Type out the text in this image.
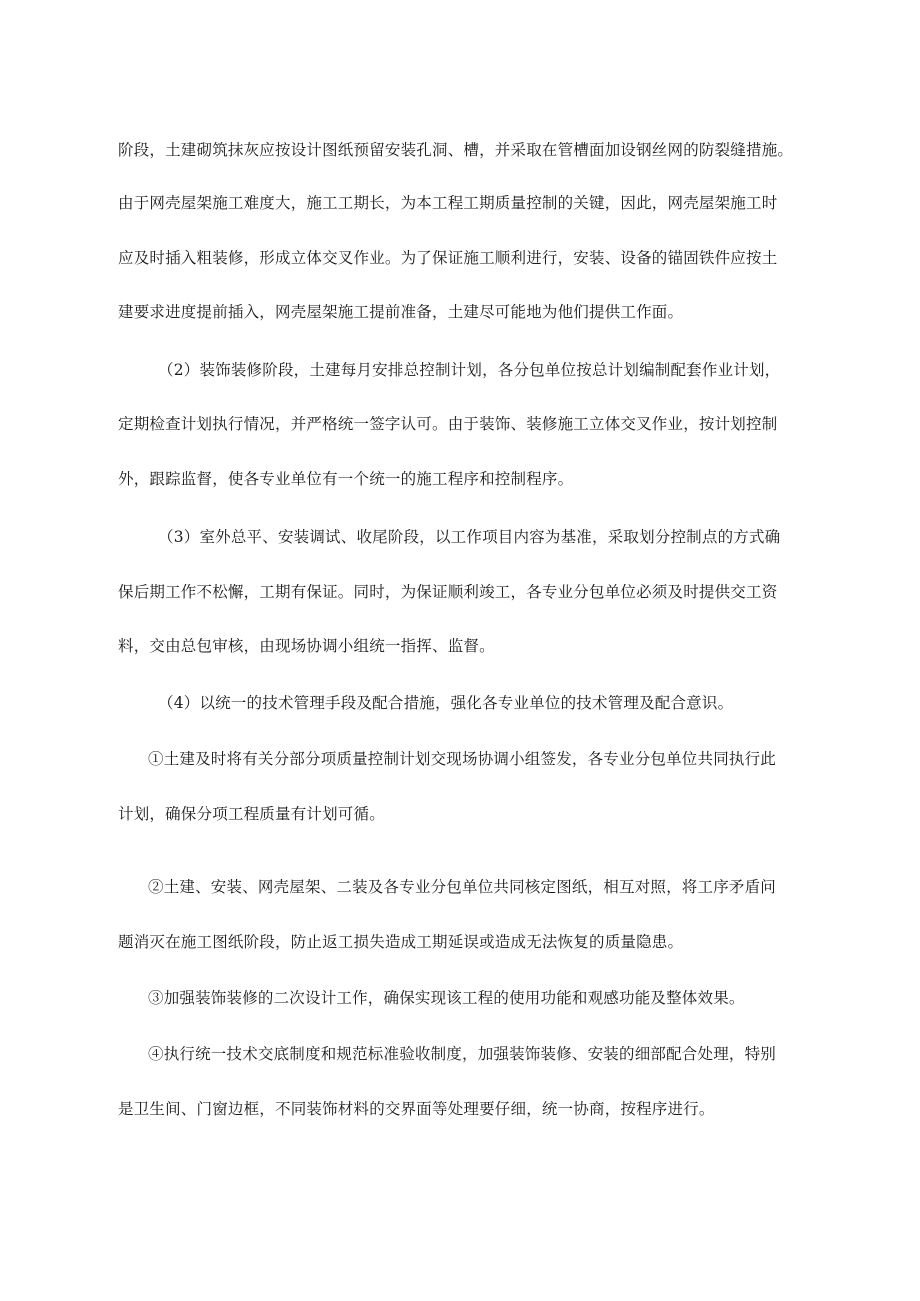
阶段，土建砌筑抹灰应按设计图纸预留安装孔洞、槽，并采取在管槽面加设钢丝网的防裂缝措施。
由于网壳屋架施工难度大，施工工期长，为本工程工期质量控制的关键，因此，网壳屋架施工时
应及时插入粗装修，形成立体交叉作业。为了保证施工顺利进行，安装、设备的锚固铁件应按土
建要求进度提前插入，网壳屋架施工提前准备，土建尽可能地为他们提供工作面。
（2）装饰装修阶段，土建每月安排总控制计划，各分包单位按总计划编制配套作业计划，
定期检查计划执行情况，并严格统一签字认可。由于装饰、装修施工立体交叉作业，按计划控制
外，跟踪监督，使各专业单位有一个统一的施工程序和控制程序。
（3）室外总平、安装调试、收尾阶段，以工作项目内容为基准，采取划分控制点的方式确
保后期工作不松懈，工期有保证。同时，为保证顺利竣工，各专业分包单位必须及时提供交工资
料，交由总包审核，由现场协调小组统一指挥、监督。
（4）以统一的技术管理手段及配合措施，强化各专业单位的技术管理及配合意识。
①土建及时将有关分部分项质量控制计划交现场协调小组签发，各专业分包单位共同执行此
计划，确保分项工程质量有计划可循。
②土建、安装、网壳屋架、二装及各专业分包单位共同核定图纸，相互对照，将工序矛盾问
题消灭在施工图纸阶段，防止返工损失造成工期延误或造成无法恢复的质量隐患。
③加强装饰装修的二次设计工作，确保实现该工程的使用功能和观感功能及整体效果。
④执行统一技术交底制度和规范标准验收制度，加强装饰装修、安装的细部配合处理，特别
是卫生间、门窗边框，不同装饰材料的交界面等处理要仔细，统一协商，按程序进行。
